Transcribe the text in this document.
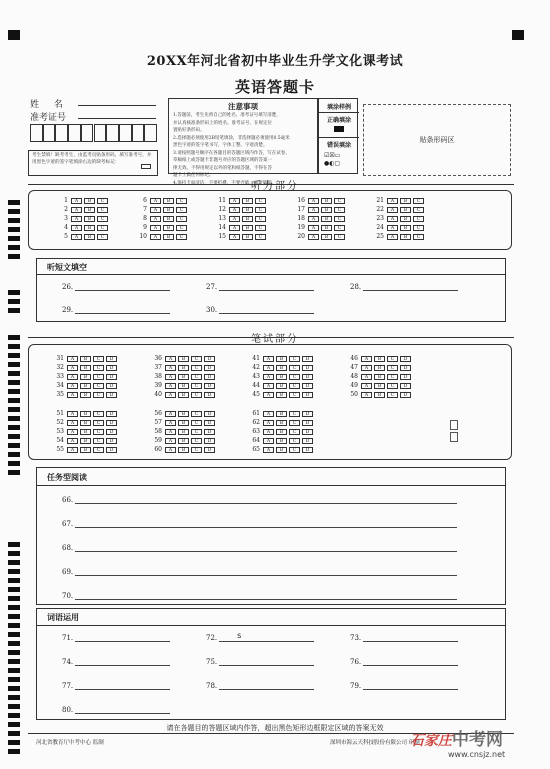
20XX年河北省初中毕业生升学文化课考试
英语答题卡
姓 名
准考证号
考生禁填！缺考考生，由监考员贴条形码，填写准考号，并用黑色字迹的签字笔填涂右边的缺考标记：
注意事项
1.答题前，考生先将自己的姓名、准考证号填写清楚，
并认真核准条形码上的姓名、准考证号，在规定位
置贴好条形码。
2.选择题必须使用2B铅笔填涂，非选择题必须使用0.5毫米
黑色字迹的签字笔书写，字体工整、字迹清楚。
3.请按照题号顺序在各题目的答题区域内作答，写在试卷、
草稿纸上或答题卡非题号对应的答题区域的答案一
律无效。不得用规定以外的笔和纸答题，不得在答
题卡上做任何标记。
4.保持卡面清洁，不要折叠、不要弄破、不要破损。
填涂样例
正确填涂
错误填涂
☑☒▭
●◐▢
贴条形码区
听力部分
1 A B C
2 A B C
3 A B C
4 A B C
5 A B C
6 A B C
7 A B C
8 A B C
9 A B C
10 A B C
11 A B C
12 A B C
13 A B C
14 A B C
15 A B C
16 A B C
17 A B C
18 A B C
19 A B C
20 A B C
21 A B C
22 A B C
23 A B C
24 A B C
25 A B C
听短文填空
26.	27.	28.
29.	30.
笔试部分
31 A B C D
32 A B C D
33 A B C D
34 A B C D
35 A B C D
36 A B C D
37 A B C D
38 A B C D
39 A B C D
40 A B C D
41 A B C D
42 A B C D
43 A B C D
44 A B C D
45 A B C D
46 A B C D
47 A B C D
48 A B C D
49 A B C D
50 A B C D
51 A B C D
52 A B C D
53 A B C D
54 A B C D
55 A B C D
56 A B C D
57 A B C D
58 A B C D
59 A B C D
60 A B C D
61 A B C D
62 A B C D
63 A B C D
64 A B C D
65 A B C D
任务型阅读
66.
67.
68.
69.
70.
词语运用
71.	72.	s	73.
74.	75.	76.
77.	78.	79.
80.
请在各题目的答题区域内作答，超出黑色矩形边框限定区域的答案无效
河北省教育厅中考中心 监制	深圳市海云天科技股份有限公司 印制
石家庄中考网
www.cnsjz.net
